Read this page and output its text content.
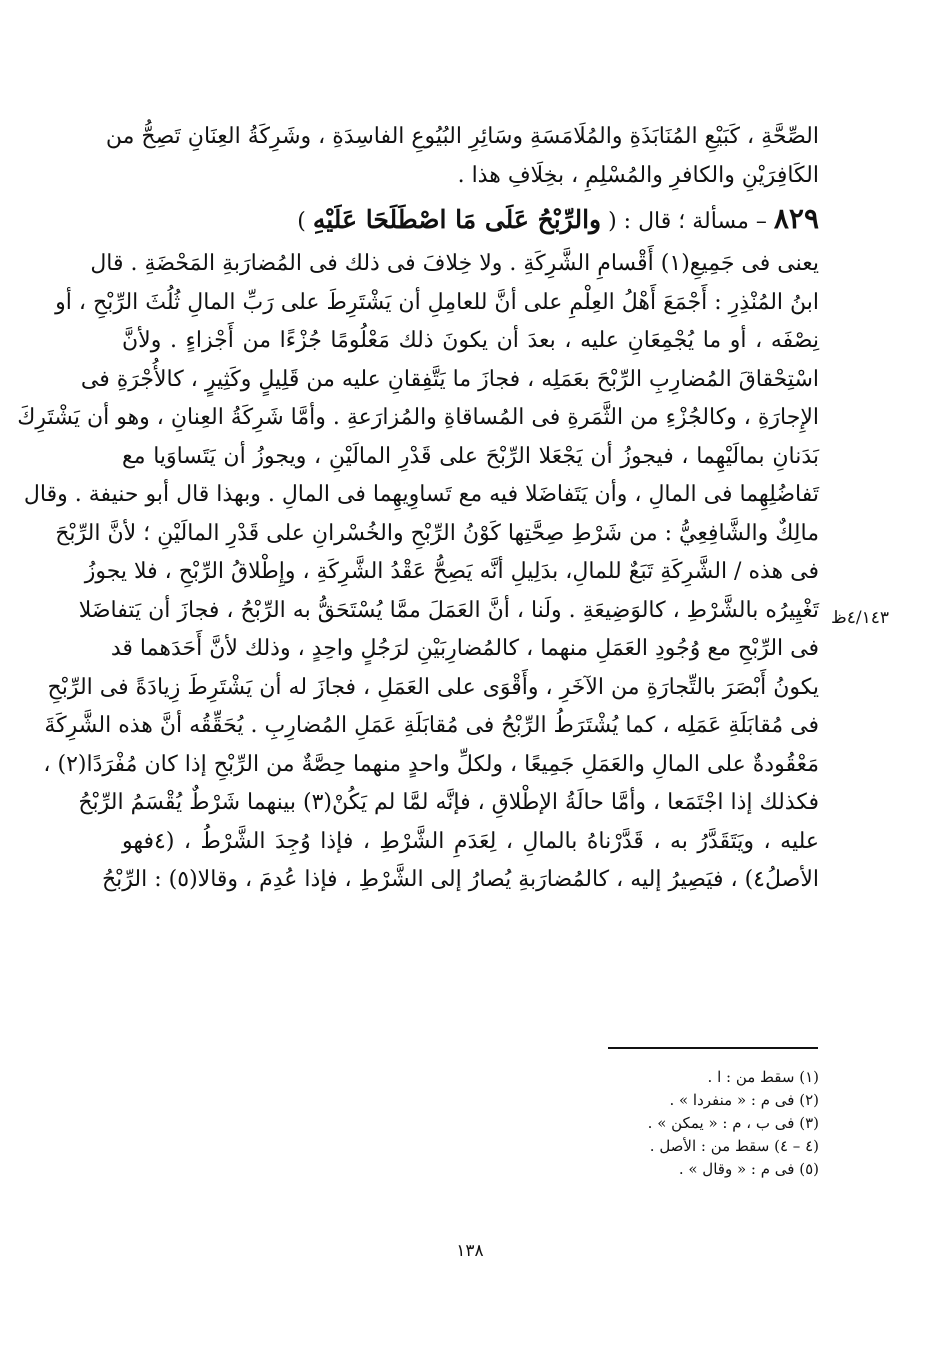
الصِّحَّةِ ، كَبَيْعِ المُنَابَذَةِ والمُلَامَسَةِ وسَائِرِ البُيُوعِ الفاسِدَةِ ، وشَرِكَةُ العِنَانِ تَصِحُّ من
الكَافِرَيْنِ والكافرِ والمُسْلِمِ ، بخِلَافِ هذا .
٨٢٩ – مسألة ؛ قال : ( والرِّبْحُ عَلَى مَا اصْطَلَحَا عَلَيْهِ )
يعنى فى جَمِيعِ(١) أَقْسامِ الشَّرِكَةِ . ولا خِلافَ فى ذلك فى المُضارَبةِ المَحْضَةِ . قال
ابنُ المُنْذِرِ : أَجْمَعَ أَهْلُ العِلْمِ على أنَّ للعامِلِ أن يَشْتَرِطَ على رَبِّ المالِ ثُلُثَ الرِّبْحِ ، أو
نِصْفَه ، أو ما يُجْمِعَانِ عليه ، بعدَ أن يكونَ ذلك مَعْلُومًا جُزْءًا من أَجْزاءٍ . ولأنَّ
اسْتِحْقاقَ المُضارِبِ الرِّبْحَ بعَمَلِه ، فجازَ ما يَتَّفِقانِ عليه من قَلِيلٍ وكَثِيرٍ ، كالأُجْرَةِ فى
الإِجارَةِ ، وكالجُزْءِ من الثَّمَرةِ فى المُساقاةِ والمُزارَعةِ . وأمَّا شَرِكَةُ العِنانِ ، وهو أن يَشْتَرِكَ
بَدَنانِ بمالَيْهِما ، فيجوزُ أن يَجْعَلا الرِّبْحَ على قَدْرِ المالَيْنِ ، ويجوزُ أن يَتَساوَيا مع
تَفاضُلِهِما فى المالِ ، وأن يَتَفاضَلا فيه مع تَساوِيهِما فى المالِ . وبهذا قال أبو حنيفة . وقال
مالِكٌ والشَّافِعِيُّ : من شَرْطِ صِحَّتِها كَوْنُ الرِّبْحِ والخُسْرانِ على قَدْرِ المالَيْنِ ؛ لأنَّ الرِّبْحَ
فى هذه / الشَّرِكَةِ تَبَعٌ للمالِ، بدَلِيلِ أنَّه يَصِحُّ عَقْدُ الشَّرِكَةِ ، وإِطْلاقُ الرِّبْحِ ، فلا يجوزُ
تَغْيِيرُه بالشَّرْطِ ، كالوَضِيعَةِ . ولَنا ، أنَّ العَمَلَ ممَّا يُسْتَحَقُّ به الرِّبْحُ ، فجازَ أن يَتفاضَلا
فى الرِّبْحِ مع وُجُودِ العَمَلِ منهما ، كالمُضارِبَيْنِ لرَجُلٍ واحِدٍ ، وذلك لأنَّ أَحَدَهما قد
يكونُ أَبْصَرَ بالتِّجارَةِ من الآخَرِ ، وأَقْوَى على العَمَلِ ، فجازَ له أن يَشْتَرِطَ زِيادَةً فى الرِّبْحِ
فى مُقابَلَةِ عَمَلِه ، كما يُشْتَرَطُ الرِّبْحُ فى مُقابَلَةِ عَمَلِ المُضارِبِ . يُحَقِّقُه أنَّ هذه الشَّرِكَةَ
مَعْقُودةٌ على المالِ والعَمَلِ جَمِيعًا ، ولكلِّ واحدٍ منهما حِصَّةٌ من الرِّبْحِ إذا كان مُفْرَدًا(٢) ،
فكذلك إذا اجْتَمَعا ، وأمَّا حالَةُ الإطْلاقِ ، فإنَّه لمَّا لم يَكُنْ(٣) بينهما شَرْطٌ يُقْسَمُ الرِّبْحُ
عليه ، ويَتَقَدَّرُ به ، قَدَّرْناهُ بالمالِ ، لِعَدَمِ الشَّرْطِ ، فإذا وُجِدَ الشَّرْطُ ، (٤فهو
الأصلُ٤) ، فيَصِيرُ إليه ، كالمُضارَبةِ يُصارُ إلى الشَّرْطِ ، فإذا عُدِمَ ، وقالا(٥) : الرِّبْحُ
٤/١٤٣ظ
(١) سقط من : ا .
(٢) فى م : « منفردا » .
(٣) فى ب ، م : « يمكن » .
(٤ – ٤) سقط من : الأصل .
(٥) فى م : « وقال » .
١٣٨
